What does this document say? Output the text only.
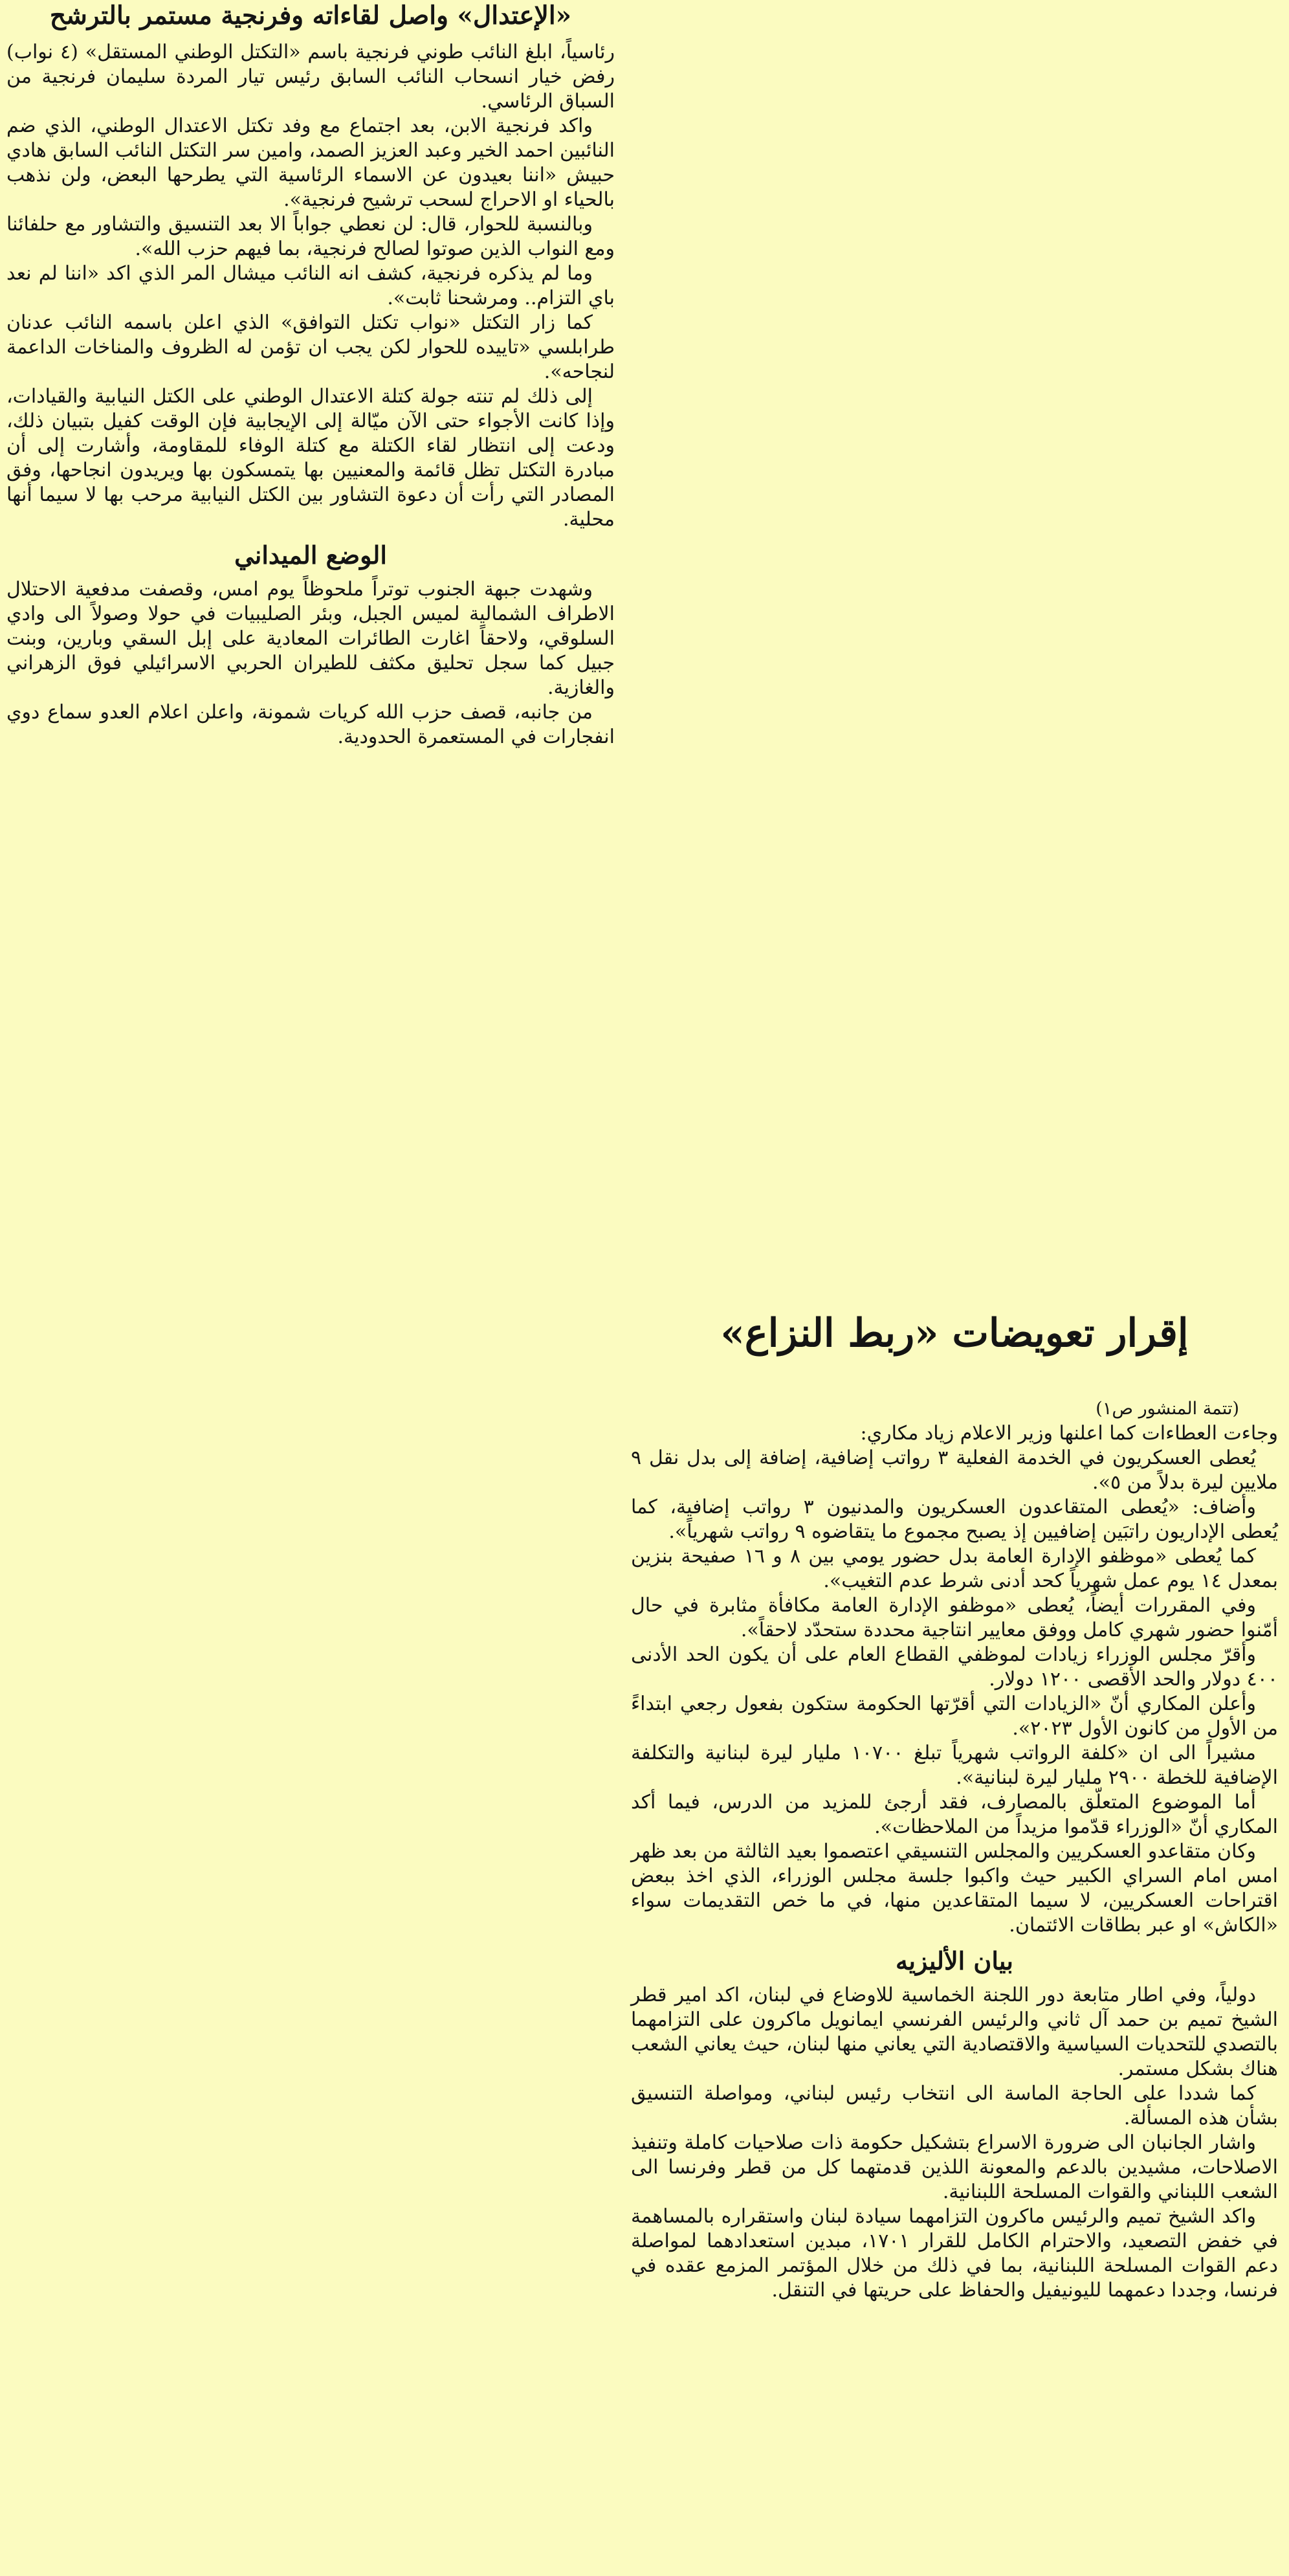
«الإعتدال» واصل لقاءاته وفرنجية مستمر بالترشح

رئاسياً، ابلغ النائب طوني فرنجية باسم «التكتل الوطني المستقل» (٤ نواب) رفض خيار انسحاب النائب السابق رئيس تيار المردة سليمان فرنجية من السباق الرئاسي.

واكد فرنجية الابن، بعد اجتماع مع وفد تكتل الاعتدال الوطني، الذي ضم النائبين احمد الخير وعبد العزيز الصمد، وامين سر التكتل النائب السابق هادي حبيش «اننا بعيدون عن الاسماء الرئاسية التي يطرحها البعض، ولن نذهب بالحياء او الاحراج لسحب ترشيح فرنجية».

وبالنسبة للحوار، قال: لن نعطي جواباً الا بعد التنسيق والتشاور مع حلفائنا ومع النواب الذين صوتوا لصالح فرنجية، بما فيهم حزب الله».

وما لم يذكره فرنجية، كشف انه النائب ميشال المر الذي اكد «اننا لم نعد باي التزام.. ومرشحنا ثابت».

كما زار التكتل «نواب تكتل التوافق» الذي اعلن باسمه النائب عدنان طرابلسي «تاييده للحوار لكن يجب ان تؤمن له الظروف والمناخات الداعمة لنجاحه».

إلى ذلك لم تنته جولة كتلة الاعتدال الوطني على الكتل النيابية والقيادات، وإذا كانت الأجواء حتى الآن ميّالة إلى الإيجابية فإن الوقت كفيل بتبيان ذلك، ودعت إلى انتظار لقاء الكتلة مع كتلة الوفاء للمقاومة، وأشارت إلى أن مبادرة التكتل تظل قائمة والمعنيين بها يتمسكون بها ويريدون انجاحها، وفق المصادر التي رأت أن دعوة التشاور بين الكتل النيابية مرحب بها لا سيما أنها محلية.

الوضع الميداني

وشهدت جبهة الجنوب توتراً ملحوظاً يوم امس، وقصفت مدفعية الاحتلال الاطراف الشمالية لميس الجبل، وبئر الصليبيات في حولا وصولاً الى وادي السلوقي، ولاحقاً اغارت الطائرات المعادية على إبل السقي وبارين، وبنت جبيل كما سجل تحليق مكثف للطيران الحربي الاسرائيلي فوق الزهراني والغازية.

من جانبه، قصف حزب الله كريات شمونة، واعلن اعلام العدو سماع دوي انفجارات في المستعمرة الحدودية.

إقرار تعويضات «ربط النزاع»

(تتمة المنشور ص١)

وجاءت العطاءات كما اعلنها وزير الاعلام زياد مكاري:

يُعطى العسكريون في الخدمة الفعلية ٣ رواتب إضافية، إضافة إلى بدل نقل ٩ ملايين ليرة بدلاً من ٥».

وأضاف: «يُعطى المتقاعدون العسكريون والمدنيون ٣ رواتب إضافية، كما يُعطى الإداريون راتبَين إضافيين إذ يصبح مجموع ما يتقاضوه ٩ رواتب شهرياً».

كما يُعطى «موظفو الإدارة العامة بدل حضور يومي بين ٨ و ١٦ صفيحة بنزين بمعدل ١٤ يوم عمل شهرياً كحد أدنى شرط عدم التغيب».

وفي المقررات أيضاً، يُعطى «موظفو الإدارة العامة مكافأة مثابرة في حال أمّنوا حضور شهري كامل ووفق معايير انتاجية محددة ستحدّد لاحقاً».

وأقرّ مجلس الوزراء زيادات لموظفي القطاع العام على أن يكون الحد الأدنى ٤٠٠ دولار والحد الأقصى ١٢٠٠ دولار.

وأعلن المكاري أنّ «الزيادات التي أقرّتها الحكومة ستكون بفعول رجعي ابتداءً من الأول من كانون الأول ٢٠٢٣».

مشيراً الى ان «كلفة الرواتب شهرياً تبلغ ١٠٧٠٠ مليار ليرة لبنانية والتكلفة الإضافية للخطة ٢٩٠٠ مليار ليرة لبنانية».

أما الموضوع المتعلّق بالمصارف، فقد أرجئ للمزيد من الدرس، فيما أكد المكاري أنّ «الوزراء قدّموا مزيداً من الملاحظات».

وكان متقاعدو العسكريين والمجلس التنسيقي اعتصموا بعيد الثالثة من بعد ظهر امس امام السراي الكبير حيث واكبوا جلسة مجلس الوزراء، الذي اخذ ببعض اقتراحات العسكريين، لا سيما المتقاعدين منها، في ما خص التقديمات سواء «الكاش» او عبر بطاقات الائتمان.

بيان الأليزيه

دولياً، وفي اطار متابعة دور اللجنة الخماسية للاوضاع في لبنان، اكد امير قطر الشيخ تميم بن حمد آل ثاني والرئيس الفرنسي ايمانويل ماكرون على التزامهما بالتصدي للتحديات السياسية والاقتصادية التي يعاني منها لبنان، حيث يعاني الشعب هناك بشكل مستمر.

كما شددا على الحاجة الماسة الى انتخاب رئيس لبناني، ومواصلة التنسيق بشأن هذه المسألة.

واشار الجانبان الى ضرورة الاسراع بتشكيل حكومة ذات صلاحيات كاملة وتنفيذ الاصلاحات، مشيدين بالدعم والمعونة اللذين قدمتهما كل من قطر وفرنسا الى الشعب اللبناني والقوات المسلحة اللبنانية.

واكد الشيخ تميم والرئيس ماكرون التزامهما سيادة لبنان واستقراره بالمساهمة في خفض التصعيد، والاحترام الكامل للقرار ١٧٠١، مبدين استعدادهما لمواصلة دعم القوات المسلحة اللبنانية، بما في ذلك من خلال المؤتمر المزمع عقده في فرنسا، وجددا دعمهما لليونيفيل والحفاظ على حريتها في التنقل.
